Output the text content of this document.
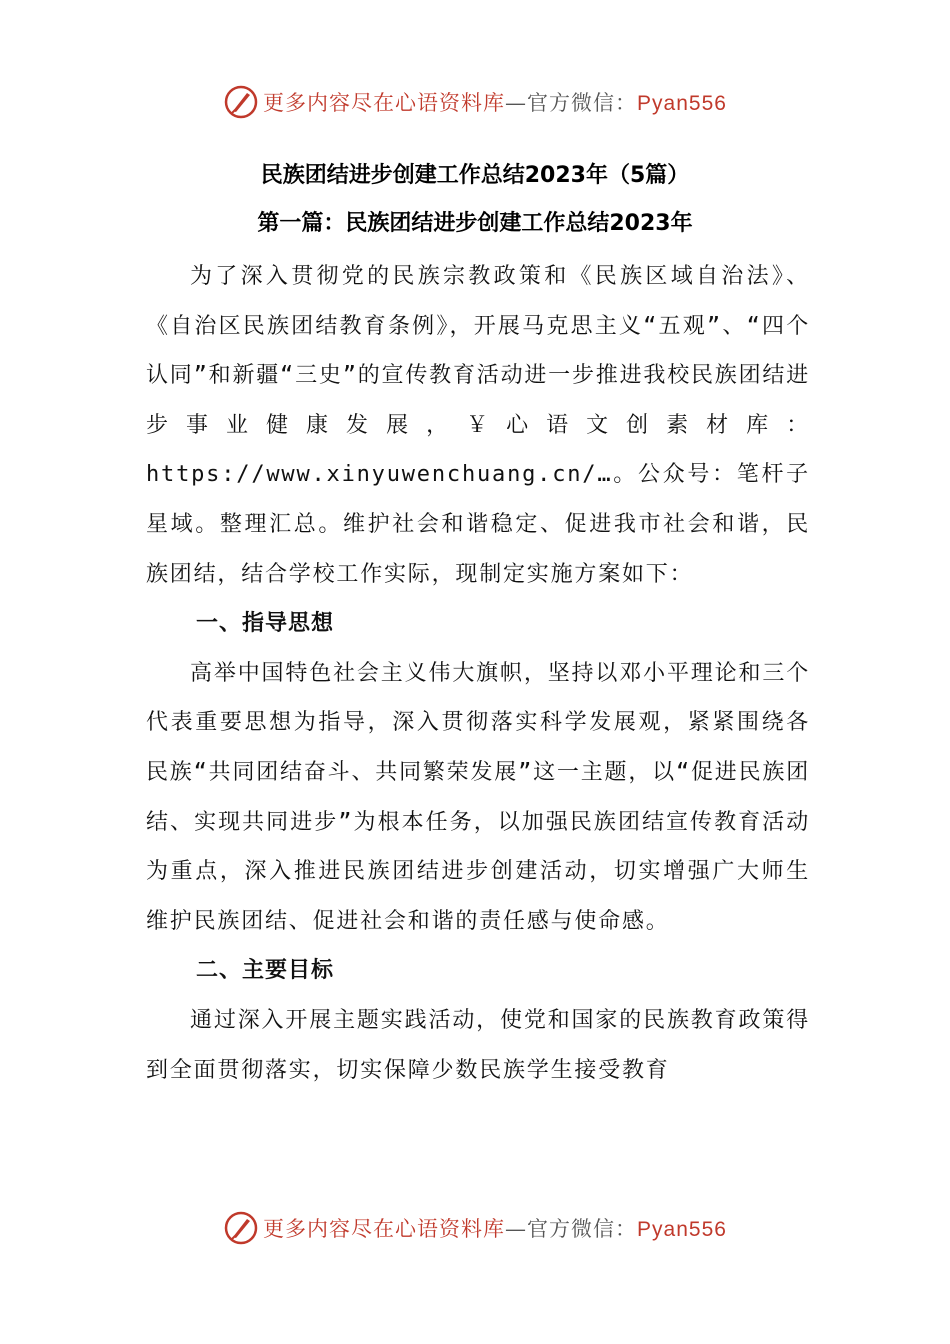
更多内容尽在心语资料库—官方微信：Pyan556
民族团结进步创建工作总结2023年（5篇）
第一篇：民族团结进步创建工作总结2023年

为了深入贯彻党的民族宗教政策和《民族区域自治法》、《自治区民族团结教育条例》，开展马克思主义“五观”、“四个认同”和新疆“三史”的宣传教育活动进一步推进我校民族团结进步事业健康发展，￥心语文创素材库：https://www.xinyuwenchuang.cn/…。公众号：笔杆子星域。整理汇总。维护社会和谐稳定、促进我市社会和谐，民族团结，结合学校工作实际，现制定实施方案如下：

一、指导思想

高举中国特色社会主义伟大旗帜，坚持以邓小平理论和三个代表重要思想为指导，深入贯彻落实科学发展观，紧紧围绕各民族“共同团结奋斗、共同繁荣发展”这一主题，以“促进民族团结、实现共同进步”为根本任务，以加强民族团结宣传教育活动为重点，深入推进民族团结进步创建活动，切实增强广大师生维护民族团结、促进社会和谐的责任感与使命感。

二、主要目标

通过深入开展主题实践活动，使党和国家的民族教育政策得到全面贯彻落实，切实保障少数民族学生接受教育

更多内容尽在心语资料库—官方微信：Pyan556
